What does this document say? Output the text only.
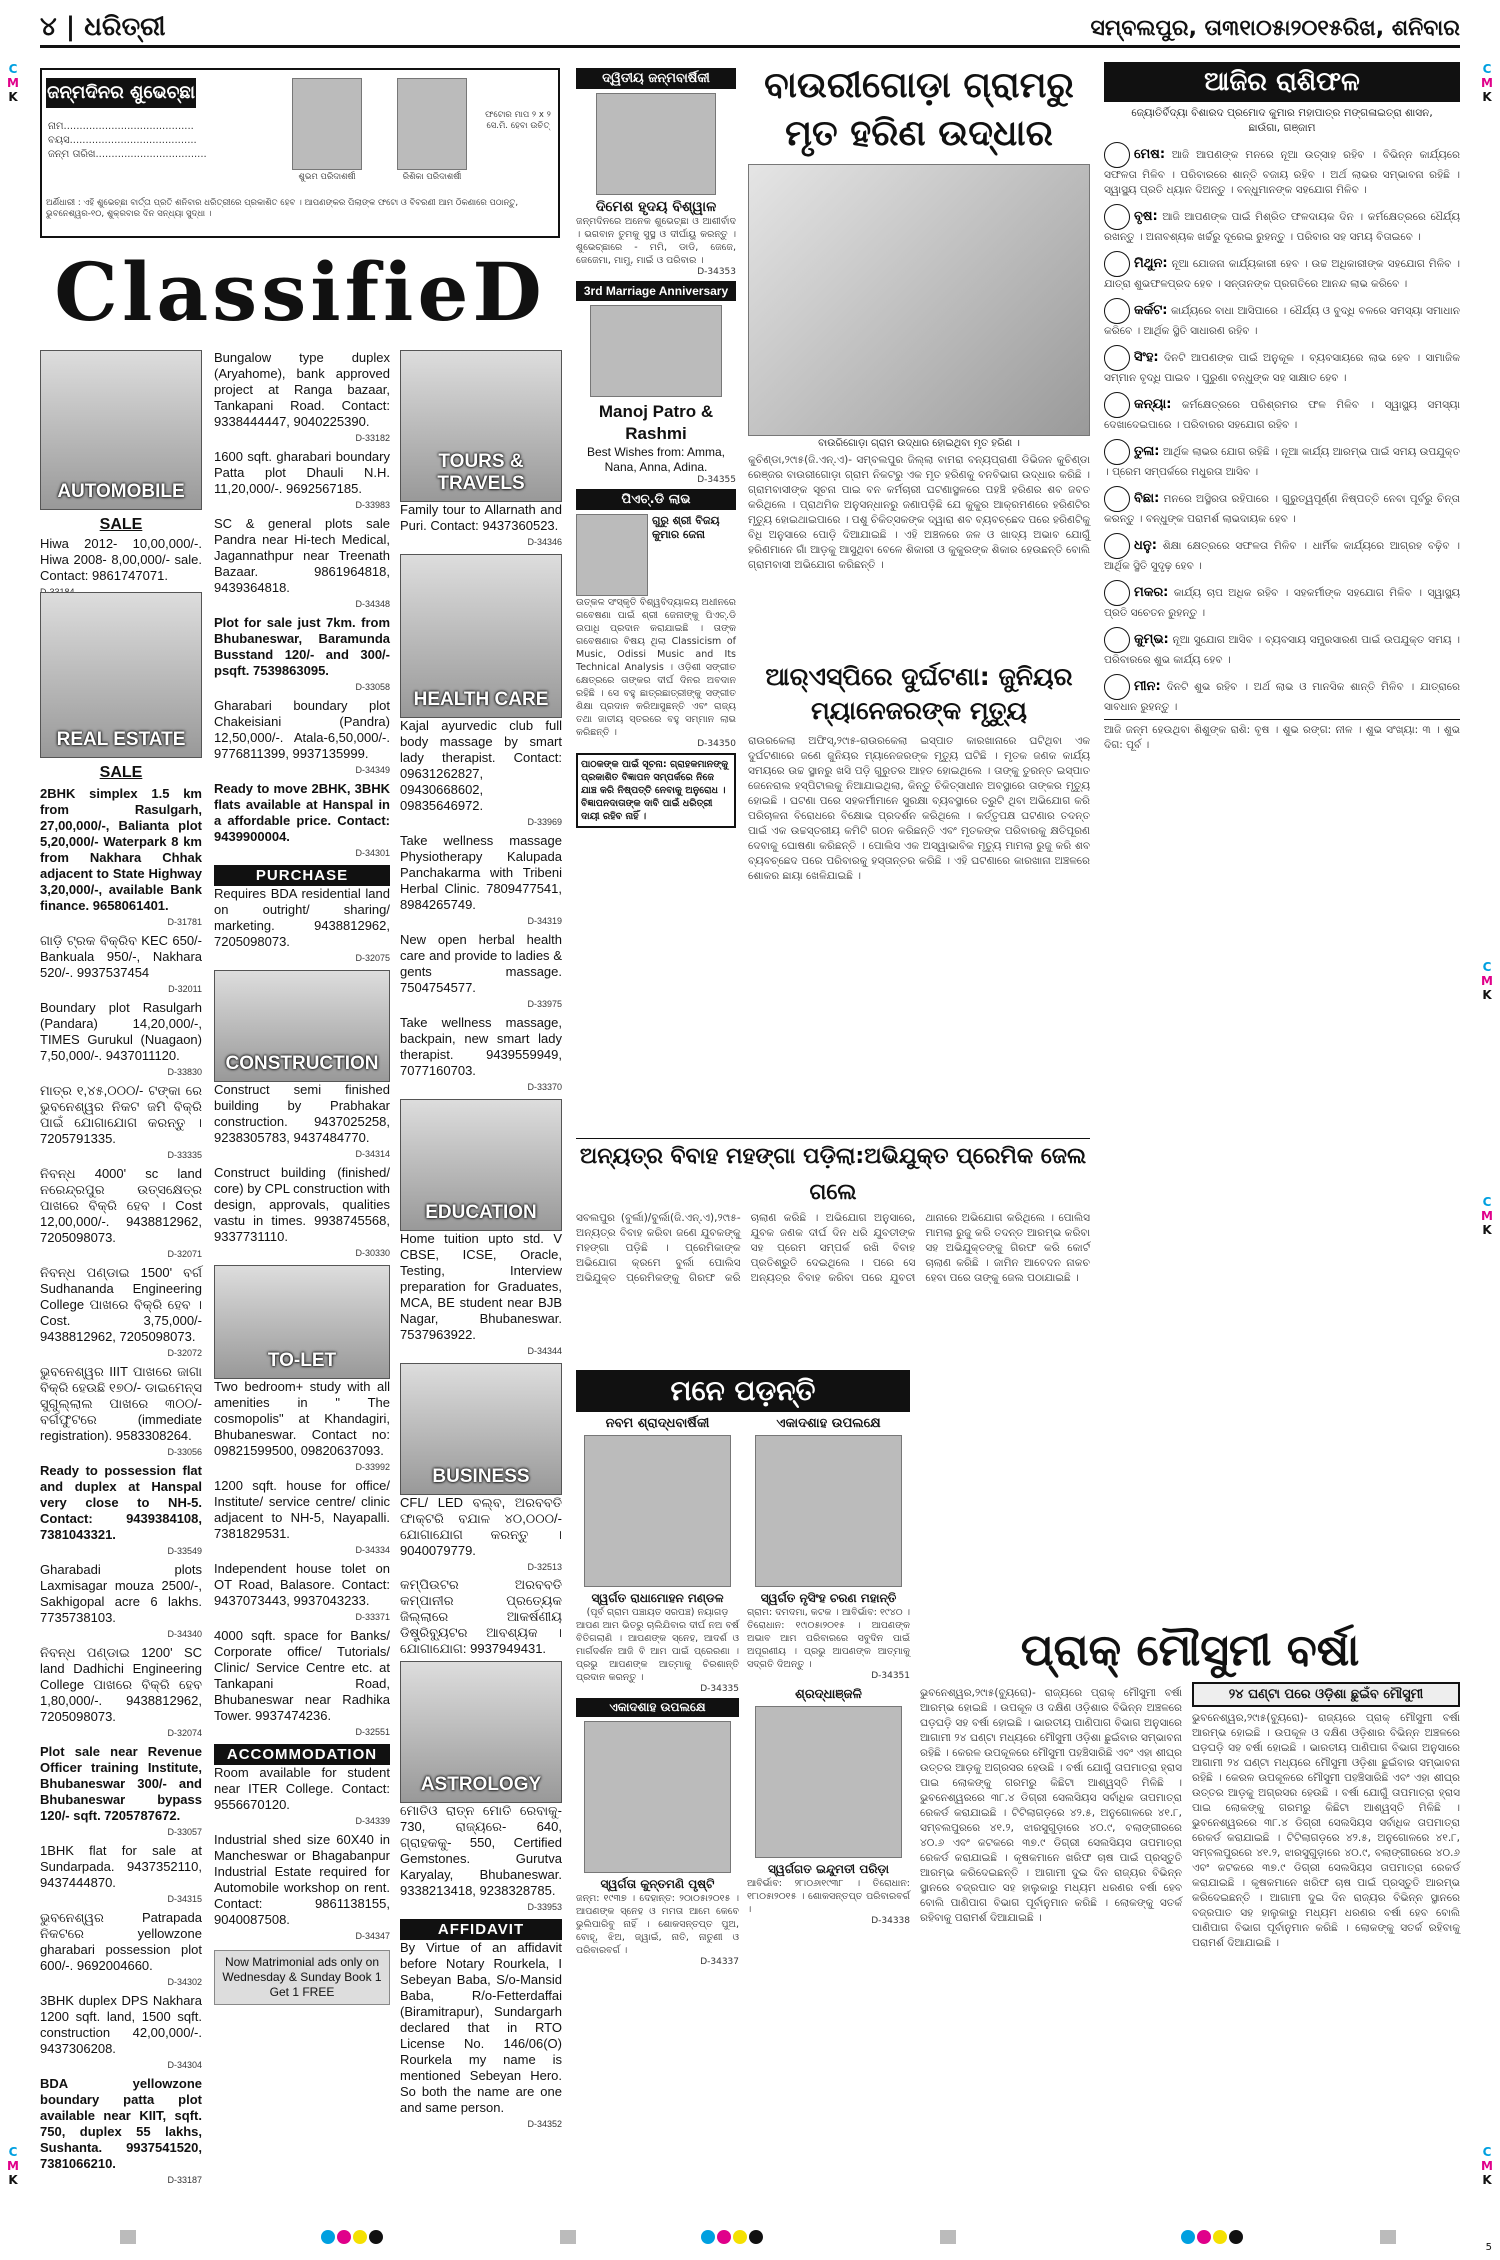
୪ | ଧରିତ୍ରୀ	ସମ୍ବଲପୁର, ତା୩୧ା୦୫ା୨୦୧୫ରିଖ, ଶନିବାର
C
M
K
C
M
K
C
M
K
C
M
K
C
M
K
C
M
K
ଜନ୍ମଦିନର ଶୁଭେଚ୍ଛା
ନାମ.........................................
ବୟସ........................................
ଜନ୍ମ ତାରିଖ...................................
ଶୁଭମ ପରିଦାଶର୍ଷୀ	ରିଶିକା ପରିଦାଶର୍ଷୀ
ଫଟୋର ମାପ ୨ x ୨ ସେ.ମି. ହେବା ଉଚିତ୍
ଅର୍ଣିଧାରୀ : ଏହି ଶୁଭେଚ୍ଛା ବାର୍ତ୍ତା ପ୍ରତି ଶନିବାର ଧରିତ୍ରୀରେ ପ୍ରକାଶିତ ହେବ । ଆପଣଙ୍କର ପିଲାଙ୍କ ଫଟୋ ଓ ବିବରଣୀ ଆମ ଠିକଣାରେ ପଠାନ୍ତୁ, ଭୁବନେଶ୍ୱର-୧୦, ଶୁକ୍ରବାର ଦିନ ସନ୍ଧ୍ୟା ସୁଦ୍ଧା ।
ClassifieD
AUTOMOBILE
SALE
Hiwa 2012- 10,00,000/-. Hiwa 2008- 8,00,000/- sale. Contact: 9861747071.
REAL ESTATE
SALE
2BHK simplex 1.5 km from Rasulgarh, 27,00,000/-, Balianta plot 5,20,000/- Waterpark 8 km from Nakhara Chhak adjacent to State Highway 3,20,000/-, available Bank finance. 9658061401.
D-31781
ଗାଡ଼ି ଟ୍ରକ ବିକ୍ରିବ KEC 650/- Bankuala 950/-, Nakhara 520/-. 9937537454
D-32011
Boundary plot Rasulgarh (Pandara) 14,20,000/-, TIMES Gurukul (Nuagaon) 7,50,000/-. 9437011120.
D-33830
ମାତ୍ର ୧,୪୫,୦୦୦/- ଟଙ୍କା ରେ ଭୁବନେଶ୍ୱର ନିକଟ ଜମି ବିକ୍ରି ପାଇଁ ଯୋଗାଯୋଗ କରନ୍ତୁ । 7205791335.
D-33335
ନିବନ୍ଧ 4000' sc land ନରେନ୍ଦ୍ରପୁର ଉତ୍ସକ୍ଷେତ୍ର ପାଖରେ ବିକ୍ରି ହେବ । Cost 12,00,000/-. 9438812962, 7205098073.
D-32071
ନିବନ୍ଧ ପଣ୍ଡାଇ 1500' ବର୍ଗ Sudhananda Engineering College ପାଖରେ ବିକ୍ରି ହେବ । Cost. 3,75,000/- 9438812962, 7205098073.
D-32072
ଭୁବନେଶ୍ୱର IIIT ପାଖରେ ଜାଗା ବିକ୍ରି ହେଉଛି ୧୭୦/- ଡାଇମେନ୍ସ ସୁଗୁଲ୍ଲାଲ ପାଖରେ ୩୦୦/- ବର୍ଗଫୁଟରେ (immediate registration). 9583308264.
D-33056
Ready to possession flat and duplex at Hanspal very close to NH-5. Contact: 9439384108, 7381043321.
D-33549
Gharabadi plots Laxmisagar mouza 2500/-, Sakhigopal acre 6 lakhs. 7735738103.
D-34340
ନିବନ୍ଧ ପଣ୍ଡାଇ 1200' SC land Dadhichi Engineering College ପାଖରେ ବିକ୍ରି ହେବ 1,80,000/-. 9438812962, 7205098073.
D-32074
Plot sale near Revenue Officer training Institute, Bhubaneswar 300/- and Bhubaneswar bypass 120/- sqft. 7205787672.
D-33057
1BHK flat for sale at Sundarpada. 9437352110, 9437444870.
D-34315
ଭୁବନେଶ୍ୱର Patrapada ନିକଟରେ yellowzone gharabari possession plot 600/-. 9692004660.
D-34302
3BHK duplex DPS Nakhara 1200 sqft. land, 1500 sqft. construction 42,00,000/-. 9437306208.
D-34304
BDA yellowzone boundary patta plot available near KIIT, sqft. 750, duplex 55 lakhs, Sushanta. 9937541520, 7381066210.
D-33187
Bungalow type duplex (Aryahome), bank approved project at Ranga bazaar, Tankapani Road. Contact: 9338444447, 9040225390.
D-33182
1600 sqft. gharabari boundary Patta plot Dhauli N.H. 11,20,000/-. 9692567185.
D-33983
SC & general plots sale Pandra near Hi-tech Medical, Jagannathpur near Treenath Bazaar. 9861964818, 9439364818.
D-34348
Plot for sale just 7km. from Bhubaneswar, Baramunda Busstand 120/- and 300/- psqft. 7539863095.
D-33058
Gharabari boundary plot Chakeisiani (Pandra) 12,50,000/-. Atala-6,50,000/-. 9776811399, 9937135999.
D-34349
Ready to move 2BHK, 3BHK flats available at Hanspal in a affordable price. Contact: 9439900004.
D-34301
PURCHASE
Requires BDA residential land on outright/ sharing/ marketing. 9438812962, 7205098073.
D-32075
CONSTRUCTION
Construct semi finished building by Prabhakar construction. 9437025258, 9238305783, 9437484770.
D-34314
Construct building (finished/ core) by CPL construction with design, approvals, qualities vastu in times. 9938745568, 9337731110.
D-30330
TO-LET
Two bedroom+ study with all amenities in " The cosmopolis" at Khandagiri, Bhubaneswar. Contact no: 09821599500, 09820637093.
D-33992
1200 sqft. house for office/ Institute/ service centre/ clinic adjacent to NH-5, Nayapalli. 7381829531.
D-34334
Independent house tolet on OT Road, Balasore. Contact: 9437073443, 9937043233.
D-33371
4000 sqft. space for Banks/ Corporate office/ Tutorials/ Clinic/ Service Centre etc. at Tankapani Road, Bhubaneswar near Radhika Tower. 9937474236.
D-32551
ACCOMMODATION
Room available for student near ITER College. Contact: 9556670120.
D-34339
Industrial shed size 60X40 in Mancheswar or Bhagabanpur Industrial Estate required for Automobile workshop on rent. Contact: 9861138155, 9040087508.
D-34347
Now Matrimonial ads only on Wednesday & Sunday Book 1 Get 1 FREE
TOURS & TRAVELS
Family tour to Allarnath and Puri. Contact: 9437360523.
D-34346
HEALTH CARE
Kajal ayurvedic club full body massage by smart lady therapist. Contact: 09631262827, 09430668602, 09835646972.
D-33969
Take wellness massage Physiotherapy Kalupada Panchakarma with Tribeni Herbal Clinic. 7809477541, 8984265749.
D-34319
New open herbal health care and provide to ladies & gents massage. 7504754577.
D-33975
Take wellness massage, backpain, new smart lady therapist. 9439559949, 7077160703.
D-33370
EDUCATION
Home tuition upto std. V CBSE, ICSE, Oracle, Testing, Interview preparation for Graduates, MCA, BE student near BJB Nagar, Bhubaneswar. 7537963922.
D-34344
BUSINESS
CFL/ LED ବଲ୍ବ, ଅରବବତି ଫାକ୍ଟରି ବଯାଳ ୪୦,୦୦୦/- ଯୋଗାଯୋଗ କରନ୍ତୁ । 9040079779.
D-32513
କମ୍ପିଉଟର ଅରବବତି କମ୍ପାନୀର ପ୍ରତ୍ୟେକ ଜିଲ୍ଲାରେ ଆକର୍ଷଣୀୟ ଡିଷ୍ଟ୍ରିବ୍ୟୁଟର ଆବଶ୍ୟକ । ଯୋଗାଯୋଗ: 9937949431.
ASTROLOGY
ମୋତିଓ ରାତ୍ନ ମୋତି ରେବାକୁ- 730, ରାଜ୍ୟରେ- 640, ଗ୍ରାହକକୁ- 550, Certified Gemstones. Gurutva Karyalay, Bhubaneswar. 9338213418, 9238328785.
D-33953
AFFIDAVIT
By Virtue of an affidavit before Notary Rourkela, I Sebeyan Baba, S/o-Mansid Baba, R/o-Fetterdaffai (Biramitrapur), Sundargarh declared that in RTO License No. 146/06(O) Rourkela my name is mentioned Sebeyan Hero. So both the name are one and same person.
D-34352
ଦ୍ୱିତୀୟ ଜନ୍ମବାର୍ଷିକୀ
ଦିମେଶ ହୃଦୟ ବିଶ୍ୱାଳ
ଜନ୍ମଦିନରେ ଅନେକ ଶୁଭେଚ୍ଛା ଓ ଆଶୀର୍ବାଦ । ଭଗବାନ ତୁମକୁ ସୁସ୍ଥ ଓ ଦୀର୍ଘାୟୁ କରନ୍ତୁ । ଶୁଭେଚ୍ଛାରେ - ମମି, ଡାଡି, ଜେଜେ, ଜେଜେମା, ମାମୁ, ମାଇଁ ଓ ପରିବାର ।
D-34353
3rd Marriage Anniversary
Manoj Patro & Rashmi
Best Wishes from: Amma, Nana, Anna, Adina.
D-34355
ପିଏଚ୍.ଡି ଲାଭ
ଗୁରୁ ଶ୍ରୀ ବିଜୟ କୁମାର ଜେନା
ଉତ୍କଳ ସଂସ୍କୃତି ବିଶ୍ୱବିଦ୍ୟାଳୟ ଅଧୀନରେ ଗବେଷଣା ପାଇଁ ଶ୍ରୀ ଜେନାଙ୍କୁ ପିଏଚ୍.ଡି ଉପାଧି ପ୍ରଦାନ କରାଯାଇଛି । ତାଙ୍କ ଗବେଷଣାର ବିଷୟ ଥିଲା Classicism of Music, Odissi Music and Its Technical Analysis । ଓଡ଼ିଶୀ ସଙ୍ଗୀତ କ୍ଷେତ୍ରରେ ତାଙ୍କର ଦୀର୍ଘ ଦିନର ଅବଦାନ ରହିଛି । ସେ ବହୁ ଛାତ୍ରଛାତ୍ରୀଙ୍କୁ ସଙ୍ଗୀତ ଶିକ୍ଷା ପ୍ରଦାନ କରିଆସୁଛନ୍ତି ଏବଂ ରାଜ୍ୟ ତଥା ଜାତୀୟ ସ୍ତରରେ ବହୁ ସମ୍ମାନ ଲାଭ କରିଛନ୍ତି ।
D-34350
ପାଠକଙ୍କ ପାଇଁ ସୂଚନା: ଗ୍ରାହକମାନଙ୍କୁ ପ୍ରକାଶିତ ବିଜ୍ଞାପନ ସମ୍ପର୍କରେ ନିଜେ ଯାଞ୍ଚ କରି ନିଷ୍ପତ୍ତି ନେବାକୁ ଅନୁରୋଧ । ବିଜ୍ଞାପନଦାତାଙ୍କ ଦାବି ପାଇଁ ଧରିତ୍ରୀ ଦାୟୀ ରହିବ ନାହିଁ ।
ବାଉରୀଗୋଡ଼ା ଗ୍ରାମରୁ ମୃତ ହରିଣ ଉଦ୍ଧାର
ବାଉରିଗୋଡ଼ା ଗ୍ରାମ ଉଦ୍ଧାର ହୋଇଥିବା ମୃତ ହରିଣ ।
କୁଚିଣ୍ଡା,୨୯ା୫(ଜି.ଏନ୍.ଏ)- ସମ୍ବଲପୁର ଜିଲ୍ଲା ବାମରା ବନ୍ୟପ୍ରାଣୀ ଡିଭିଜନ କୁଚିଣ୍ଡା ରେଞ୍ଜର ବାଉରୀଗୋଡ଼ା ଗ୍ରାମ ନିକଟରୁ ଏକ ମୃତ ହରିଣକୁ ବନବିଭାଗ ଉଦ୍ଧାର କରିଛି । ଗ୍ରାମବାସୀଙ୍କ ସୂଚନା ପାଇ ବନ କର୍ମଚାରୀ ଘଟଣାସ୍ଥଳରେ ପହଞ୍ଚି ହରିଣର ଶବ ଜବତ କରିଥିଲେ । ପ୍ରାଥମିକ ଅନୁସନ୍ଧାନରୁ ଜଣାପଡ଼ିଛି ଯେ କୁକୁର ଆକ୍ରମଣରେ ହରିଣଟିର ମୃତ୍ୟୁ ହୋଇଥାଇପାରେ । ପଶୁ ଚିକିତ୍ସକଙ୍କ ଦ୍ୱାରା ଶବ ବ୍ୟବଚ୍ଛେଦ ପରେ ହରିଣଟିକୁ ବିଧି ଅନୁସାରେ ପୋଡ଼ି ଦିଆଯାଇଛି । ଏହି ଅଞ୍ଚଳରେ ଜଳ ଓ ଖାଦ୍ୟ ଅଭାବ ଯୋଗୁଁ ହରିଣମାନେ ଗାଁ ଆଡ଼କୁ ଆସୁଥିବା ବେଳେ ଶିକାରୀ ଓ କୁକୁରଙ୍କ ଶିକାର ହେଉଛନ୍ତି ବୋଲି ଗ୍ରାମବାସୀ ଅଭିଯୋଗ କରିଛନ୍ତି ।
ଆର୍‌ଏସ୍‌ପିରେ ଦୁର୍ଘଟଣା: ଜୁନିୟର ମ୍ୟାନେଜରଙ୍କ ମୃତ୍ୟୁ
ରାଉରକେଲା ଅଫିସ୍,୨୯ା୫-ରାଉରକେଲା ଇସ୍ପାତ କାରଖାନାରେ ଘଟିଥିବା ଏକ ଦୁର୍ଘଟଣାରେ ଜଣେ ଜୁନିୟର ମ୍ୟାନେଜରଙ୍କ ମୃତ୍ୟୁ ଘଟିଛି । ମୃତକ ଜଣକ କାର୍ଯ୍ୟ ସମୟରେ ଉଚ୍ଚ ସ୍ଥାନରୁ ଖସି ପଡ଼ି ଗୁରୁତର ଆହତ ହୋଇଥିଲେ । ତାଙ୍କୁ ତୁରନ୍ତ ଇସ୍ପାତ ଜେନେରାଲ ହସ୍ପିଟାଲକୁ ନିଆଯାଇଥିଲା, କିନ୍ତୁ ଚିକିତ୍ସାଧୀନ ଅବସ୍ଥାରେ ତାଙ୍କର ମୃତ୍ୟୁ ହୋଇଛି । ଘଟଣା ପରେ ସହକର୍ମୀମାନେ ସୁରକ୍ଷା ବ୍ୟବସ୍ଥାରେ ତ୍ରୁଟି ଥିବା ଅଭିଯୋଗ କରି ପରିଚାଳନା ବିରୋଧରେ ବିକ୍ଷୋଭ ପ୍ରଦର୍ଶନ କରିଥିଲେ । କର୍ତ୍ତୃପକ୍ଷ ଘଟଣାର ତଦନ୍ତ ପାଇଁ ଏକ ଉଚ୍ଚସ୍ତରୀୟ କମିଟି ଗଠନ କରିଛନ୍ତି ଏବଂ ମୃତକଙ୍କ ପରିବାରକୁ କ୍ଷତିପୂରଣ ଦେବାକୁ ଘୋଷଣା କରିଛନ୍ତି । ପୋଲିସ ଏକ ଅସ୍ୱାଭାବିକ ମୃତ୍ୟୁ ମାମଲା ରୁଜୁ କରି ଶବ ବ୍ୟବଚ୍ଛେଦ ପରେ ପରିବାରକୁ ହସ୍ତାନ୍ତର କରିଛି । ଏହି ଘଟଣାରେ କାରଖାନା ଅଞ୍ଚଳରେ ଶୋକର ଛାୟା ଖେଳିଯାଇଛି ।
ଅନ୍ୟତ୍ର ବିବାହ ମହଙ୍ଗା ପଡ଼ିଲା:ଅଭିଯୁକ୍ତ ପ୍ରେମିକ ଜେଲ ଗଲେ
ସବଲପୁର (ବୁର୍ଲା)/ବୁର୍ଲା(ଜି.ଏନ୍.ଏ),୨୯ା୫-ଅନ୍ୟତ୍ର ବିବାହ କରିବା ଜଣେ ଯୁବକଙ୍କୁ ମହଙ୍ଗା ପଡ଼ିଛି । ପ୍ରେମିକାଙ୍କ ଅଭିଯୋଗ କ୍ରମେ ବୁର୍ଲା ପୋଲିସ ଅଭିଯୁକ୍ତ ପ୍ରେମିକଙ୍କୁ ଗିରଫ କରି ଚାଲାଣ କରିଛି । ଅଭିଯୋଗ ଅନୁସାରେ, ଯୁବକ ଜଣକ ଦୀର୍ଘ ଦିନ ଧରି ଯୁବତୀଙ୍କ ସହ ପ୍ରେମ ସମ୍ପର୍କ ରଖି ବିବାହ ପ୍ରତିଶ୍ରୁତି ଦେଇଥିଲେ । ପରେ ସେ ଅନ୍ୟତ୍ର ବିବାହ କରିବା ପରେ ଯୁବତୀ ଥାନାରେ ଅଭିଯୋଗ କରିଥିଲେ । ପୋଲିସ ମାମଲା ରୁଜୁ କରି ତଦନ୍ତ ଆରମ୍ଭ କରିବା ସହ ଅଭିଯୁକ୍ତଙ୍କୁ ଗିରଫ କରି କୋର୍ଟ ଚାଲାଣ କରିଛି । ଜାମିନ ଆବେଦନ ନାକଚ ହେବା ପରେ ତାଙ୍କୁ ଜେଲ ପଠାଯାଇଛି ।
ମନେ ପଡ଼ନ୍ତି
ନବମ ଶ୍ରାଦ୍ଧବାର୍ଷିକୀ
ସ୍ୱର୍ଗତ ରାଧାମୋହନ ମଣ୍ଡଳ
(ପୂର୍ବ ଗ୍ରାମ ପଞ୍ଚାୟତ ସରପଞ୍ଚ) ନୟାଗଡ଼
ଆପଣ ଆମ ଭିତରୁ ଚାଲିଯିବାର ଦୀର୍ଘ ନଅ ବର୍ଷ ବିତିଗଲାଣି । ଆପଣଙ୍କ ସ୍ନେହ, ଆଦର୍ଶ ଓ ମାର୍ଗଦର୍ଶନ ଆଜି ବି ଆମ ପାଇଁ ପ୍ରେରଣା । ପ୍ରଭୁ ଆପଣଙ୍କ ଆତ୍ମାକୁ ଚିରଶାନ୍ତି ପ୍ରଦାନ କରନ୍ତୁ ।
D-34335
ଏକାଦଶାହ ଉପଲକ୍ଷେ
ସ୍ୱର୍ଗତା କୁନ୍ତମଣି ପୃଷ୍ଟି
ଜନ୍ମ: ୧୯୩୭ । ଦେହାନ୍ତ: ୨୦ା୦୫ା୨୦୧୫ । ଆପଣଙ୍କ ସ୍ନେହ ଓ ମମତା ଆମେ କେବେ ଭୁଲିପାରିବୁ ନାହିଁ । ଶୋକସନ୍ତପ୍ତ ପୁଅ, ବୋହୂ, ଝିଅ, ଜ୍ୱାଇଁ, ନାତି, ନାତୁଣୀ ଓ ପରିବାରବର୍ଗ ।
D-34337
ଏକାଦଶାହ ଉପଲକ୍ଷେ
ସ୍ୱର୍ଗତ ନୃସିଂହ ଚରଣ ମହାନ୍ତି
ଗ୍ରାମ: ଦମଦମା, କଟକ । ଆବିର୍ଭାବ: ୧୯୪୦ । ତିରୋଧାନ: ୧୯ା୦୫ା୨୦୧୫ । ଆପଣଙ୍କ ଅଭାବ ଆମ ପରିବାରରେ ସବୁଦିନ ପାଇଁ ଅପୂରଣୀୟ । ପ୍ରଭୁ ଆପଣଙ୍କ ଆତ୍ମାକୁ ସଦ୍‌ଗତି ଦିଅନ୍ତୁ ।
D-34351
ଶ୍ରଦ୍ଧାଞ୍ଜଳି
ସ୍ୱର୍ଗଗତ ଇନ୍ଦୁମତୀ ପରିଡ଼ା
ଆବିର୍ଭାବ: ୨୮ା୦୬ା୧୯୩୮ । ତିରୋଧାନ: ୧୮ା୦୫ା୨୦୧୫ । ଶୋକସନ୍ତପ୍ତ ପରିବାରବର୍ଗ ।
D-34338
ଆଜିର ରାଶିଫଳ
ଜ୍ୟୋତିର୍ବିଦ୍ୟା ବିଶାରଦ ପ୍ରମୋଦ କୁମାର ମହାପାତ୍ର ମଙ୍ଗଳାଇତ୍ରା ଶାସନ, ଛାଉଁଗା, ଗଞ୍ଜାମ
ମେଷ: ଆଜି ଆପଣଙ୍କ ମନରେ ନୂଆ ଉତ୍ସାହ ରହିବ । ବିଭିନ୍ନ କାର୍ଯ୍ୟରେ ସଫଳତା ମିଳିବ । ପରିବାରରେ ଶାନ୍ତି ବଜାୟ ରହିବ । ଅର୍ଥ ଲାଭର ସମ୍ଭାବନା ରହିଛି । ସ୍ୱାସ୍ଥ୍ୟ ପ୍ରତି ଧ୍ୟାନ ଦିଅନ୍ତୁ । ବନ୍ଧୁମାନଙ୍କ ସହଯୋଗ ମିଳିବ ।
ବୃଷ: ଆଜି ଆପଣଙ୍କ ପାଇଁ ମିଶ୍ରିତ ଫଳଦାୟକ ଦିନ । କର୍ମକ୍ଷେତ୍ରରେ ଧୈର୍ଯ୍ୟ ରଖନ୍ତୁ । ଅନାବଶ୍ୟକ ଖର୍ଚ୍ଚରୁ ଦୂରେଇ ରୁହନ୍ତୁ । ପରିବାର ସହ ସମୟ ବିତାଇବେ ।
ମିଥୁନ: ନୂଆ ଯୋଜନା କାର୍ଯ୍ୟକାରୀ ହେବ । ଉଚ୍ଚ ଅଧିକାରୀଙ୍କ ସହଯୋଗ ମିଳିବ । ଯାତ୍ରା ଶୁଭଫଳପ୍ରଦ ହେବ । ସନ୍ତାନଙ୍କ ପ୍ରଗତିରେ ଆନନ୍ଦ ଲାଭ କରିବେ ।
କର୍କଟ: କାର୍ଯ୍ୟରେ ବାଧା ଆସିପାରେ । ଧୈର୍ଯ୍ୟ ଓ ବୁଦ୍ଧି ବଳରେ ସମସ୍ୟା ସମାଧାନ କରିବେ । ଆର୍ଥିକ ସ୍ଥିତି ସାଧାରଣ ରହିବ ।
ସିଂହ: ଦିନଟି ଆପଣଙ୍କ ପାଇଁ ଅନୁକୂଳ । ବ୍ୟବସାୟରେ ଲାଭ ହେବ । ସାମାଜିକ ସମ୍ମାନ ବୃଦ୍ଧି ପାଇବ । ପୁରୁଣା ବନ୍ଧୁଙ୍କ ସହ ସାକ୍ଷାତ ହେବ ।
କନ୍ୟା: କର୍ମକ୍ଷେତ୍ରରେ ପରିଶ୍ରମର ଫଳ ମିଳିବ । ସ୍ୱାସ୍ଥ୍ୟ ସମସ୍ୟା ଦେଖାଦେଇପାରେ । ପରିବାରର ସହଯୋଗ ରହିବ ।
ତୁଳା: ଆର୍ଥିକ ଲାଭର ଯୋଗ ରହିଛି । ନୂଆ କାର୍ଯ୍ୟ ଆରମ୍ଭ ପାଇଁ ସମୟ ଉପଯୁକ୍ତ । ପ୍ରେମ ସମ୍ପର୍କରେ ମଧୁରତା ଆସିବ ।
ବିଛା: ମନରେ ଅସ୍ଥିରତା ରହିପାରେ । ଗୁରୁତ୍ୱପୂର୍ଣ୍ଣ ନିଷ୍ପତ୍ତି ନେବା ପୂର୍ବରୁ ଚିନ୍ତା କରନ୍ତୁ । ବନ୍ଧୁଙ୍କ ପରାମର୍ଶ ଲାଭଦାୟକ ହେବ ।
ଧନୁ: ଶିକ୍ଷା କ୍ଷେତ୍ରରେ ସଫଳତା ମିଳିବ । ଧାର୍ମିକ କାର୍ଯ୍ୟରେ ଆଗ୍ରହ ବଢ଼ିବ । ଆର୍ଥିକ ସ୍ଥିତି ସୁଦୃଢ଼ ହେବ ।
ମକର: କାର୍ଯ୍ୟ ଚାପ ଅଧିକ ରହିବ । ସହକର୍ମୀଙ୍କ ସହଯୋଗ ମିଳିବ । ସ୍ୱାସ୍ଥ୍ୟ ପ୍ରତି ସଚେତନ ରୁହନ୍ତୁ ।
କୁମ୍ଭ: ନୂଆ ସୁଯୋଗ ଆସିବ । ବ୍ୟବସାୟ ସମ୍ପ୍ରସାରଣ ପାଇଁ ଉପଯୁକ୍ତ ସମୟ । ପରିବାରରେ ଶୁଭ କାର୍ଯ୍ୟ ହେବ ।
ମୀନ: ଦିନଟି ଶୁଭ ରହିବ । ଅର୍ଥ ଲାଭ ଓ ମାନସିକ ଶାନ୍ତି ମିଳିବ । ଯାତ୍ରାରେ ସାବଧାନ ରୁହନ୍ତୁ ।
ଆଜି ଜନ୍ମ ହେଉଥିବା ଶିଶୁଙ୍କ ରାଶି: ବୃଷ । ଶୁଭ ରଙ୍ଗ: ନୀଳ । ଶୁଭ ସଂଖ୍ୟା: ୩ । ଶୁଭ ଦିଗ: ପୂର୍ବ ।
ପ୍ରାକ୍ ମୌସୁମୀ ବର୍ଷା
ଭୁବନେଶ୍ୱର,୨୯ା୫(ବ୍ୟୁରୋ)- ରାଜ୍ୟରେ ପ୍ରାକ୍ ମୌସୁମୀ ବର୍ଷା ଆରମ୍ଭ ହୋଇଛି । ଉପକୂଳ ଓ ଦକ୍ଷିଣ ଓଡ଼ିଶାର ବିଭିନ୍ନ ଅଞ୍ଚଳରେ ଘଡ଼ଘଡ଼ି ସହ ବର୍ଷା ହୋଇଛି । ଭାରତୀୟ ପାଣିପାଗ ବିଭାଗ ଅନୁସାରେ ଆଗାମୀ ୨୪ ଘଣ୍ଟା ମଧ୍ୟରେ ମୌସୁମୀ ଓଡ଼ିଶା ଛୁଇଁବାର ସମ୍ଭାବନା ରହିଛି । କେରଳ ଉପକୂଳରେ ମୌସୁମୀ ପହଞ୍ଚିସାରିଛି ଏବଂ ଏହା ଶୀଘ୍ର ଉତ୍ତର ଆଡ଼କୁ ଅଗ୍ରସର ହେଉଛି । ବର୍ଷା ଯୋଗୁଁ ତାପମାତ୍ରା ହ୍ରାସ ପାଇ ଲୋକଙ୍କୁ ଗରମରୁ କିଛିଟା ଆଶ୍ୱସ୍ତି ମିଳିଛି । ଭୁବନେଶ୍ୱରରେ ୩୮.୪ ଡିଗ୍ରୀ ସେଲସିୟସ ସର୍ବାଧିକ ତାପମାତ୍ରା ରେକର୍ଡ କରାଯାଇଛି । ଟିଟିଲାଗଡ଼ରେ ୪୨.୫, ଅନୁଗୋଳରେ ୪୧.୮, ସମ୍ବଲପୁରରେ ୪୧.୨, ଝାରସୁଗୁଡ଼ାରେ ୪୦.୯, ବଲାଙ୍ଗୀରରେ ୪୦.୬ ଏବଂ କଟକରେ ୩୭.୯ ଡିଗ୍ରୀ ସେଲସିୟସ ତାପମାତ୍ରା ରେକର୍ଡ କରାଯାଇଛି । କୃଷକମାନେ ଖରିଫ ଚାଷ ପାଇଁ ପ୍ରସ୍ତୁତି ଆରମ୍ଭ କରିଦେଇଛନ୍ତି । ଆଗାମୀ ଦୁଇ ଦିନ ରାଜ୍ୟର ବିଭିନ୍ନ ସ୍ଥାନରେ ବଜ୍ରପାତ ସହ ହାଲୁକାରୁ ମଧ୍ୟମ ଧରଣର ବର୍ଷା ହେବ ବୋଲି ପାଣିପାଗ ବିଭାଗ ପୂର୍ବାନୁମାନ କରିଛି । ଲୋକଙ୍କୁ ସତର୍କ ରହିବାକୁ ପରାମର୍ଶ ଦିଆଯାଇଛି ।
୨୪ ଘଣ୍ଟା ପରେ ଓଡ଼ିଶା ଛୁଇଁବ ମୌସୁମୀ
ଭୁବନେଶ୍ୱର,୨୯ା୫(ବ୍ୟୁରୋ)- ରାଜ୍ୟରେ ପ୍ରାକ୍ ମୌସୁମୀ ବର୍ଷା ଆରମ୍ଭ ହୋଇଛି । ଉପକୂଳ ଓ ଦକ୍ଷିଣ ଓଡ଼ିଶାର ବିଭିନ୍ନ ଅଞ୍ଚଳରେ ଘଡ଼ଘଡ଼ି ସହ ବର୍ଷା ହୋଇଛି । ଭାରତୀୟ ପାଣିପାଗ ବିଭାଗ ଅନୁସାରେ ଆଗାମୀ ୨୪ ଘଣ୍ଟା ମଧ୍ୟରେ ମୌସୁମୀ ଓଡ଼ିଶା ଛୁଇଁବାର ସମ୍ଭାବନା ରହିଛି । କେରଳ ଉପକୂଳରେ ମୌସୁମୀ ପହଞ୍ଚିସାରିଛି ଏବଂ ଏହା ଶୀଘ୍ର ଉତ୍ତର ଆଡ଼କୁ ଅଗ୍ରସର ହେଉଛି । ବର୍ଷା ଯୋଗୁଁ ତାପମାତ୍ରା ହ୍ରାସ ପାଇ ଲୋକଙ୍କୁ ଗରମରୁ କିଛିଟା ଆଶ୍ୱସ୍ତି ମିଳିଛି । ଭୁବନେଶ୍ୱରରେ ୩୮.୪ ଡିଗ୍ରୀ ସେଲସିୟସ ସର୍ବାଧିକ ତାପମାତ୍ରା ରେକର୍ଡ କରାଯାଇଛି । ଟିଟିଲାଗଡ଼ରେ ୪୨.୫, ଅନୁଗୋଳରେ ୪୧.୮, ସମ୍ବଲପୁରରେ ୪୧.୨, ଝାରସୁଗୁଡ଼ାରେ ୪୦.୯, ବଲାଙ୍ଗୀରରେ ୪୦.୬ ଏବଂ କଟକରେ ୩୭.୯ ଡିଗ୍ରୀ ସେଲସିୟସ ତାପମାତ୍ରା ରେକର୍ଡ କରାଯାଇଛି । କୃଷକମାନେ ଖରିଫ ଚାଷ ପାଇଁ ପ୍ରସ୍ତୁତି ଆରମ୍ଭ କରିଦେଇଛନ୍ତି । ଆଗାମୀ ଦୁଇ ଦିନ ରାଜ୍ୟର ବିଭିନ୍ନ ସ୍ଥାନରେ ବଜ୍ରପାତ ସହ ହାଲୁକାରୁ ମଧ୍ୟମ ଧରଣର ବର୍ଷା ହେବ ବୋଲି ପାଣିପାଗ ବିଭାଗ ପୂର୍ବାନୁମାନ କରିଛି । ଲୋକଙ୍କୁ ସତର୍କ ରହିବାକୁ ପରାମର୍ଶ ଦିଆଯାଇଛି ।
5
